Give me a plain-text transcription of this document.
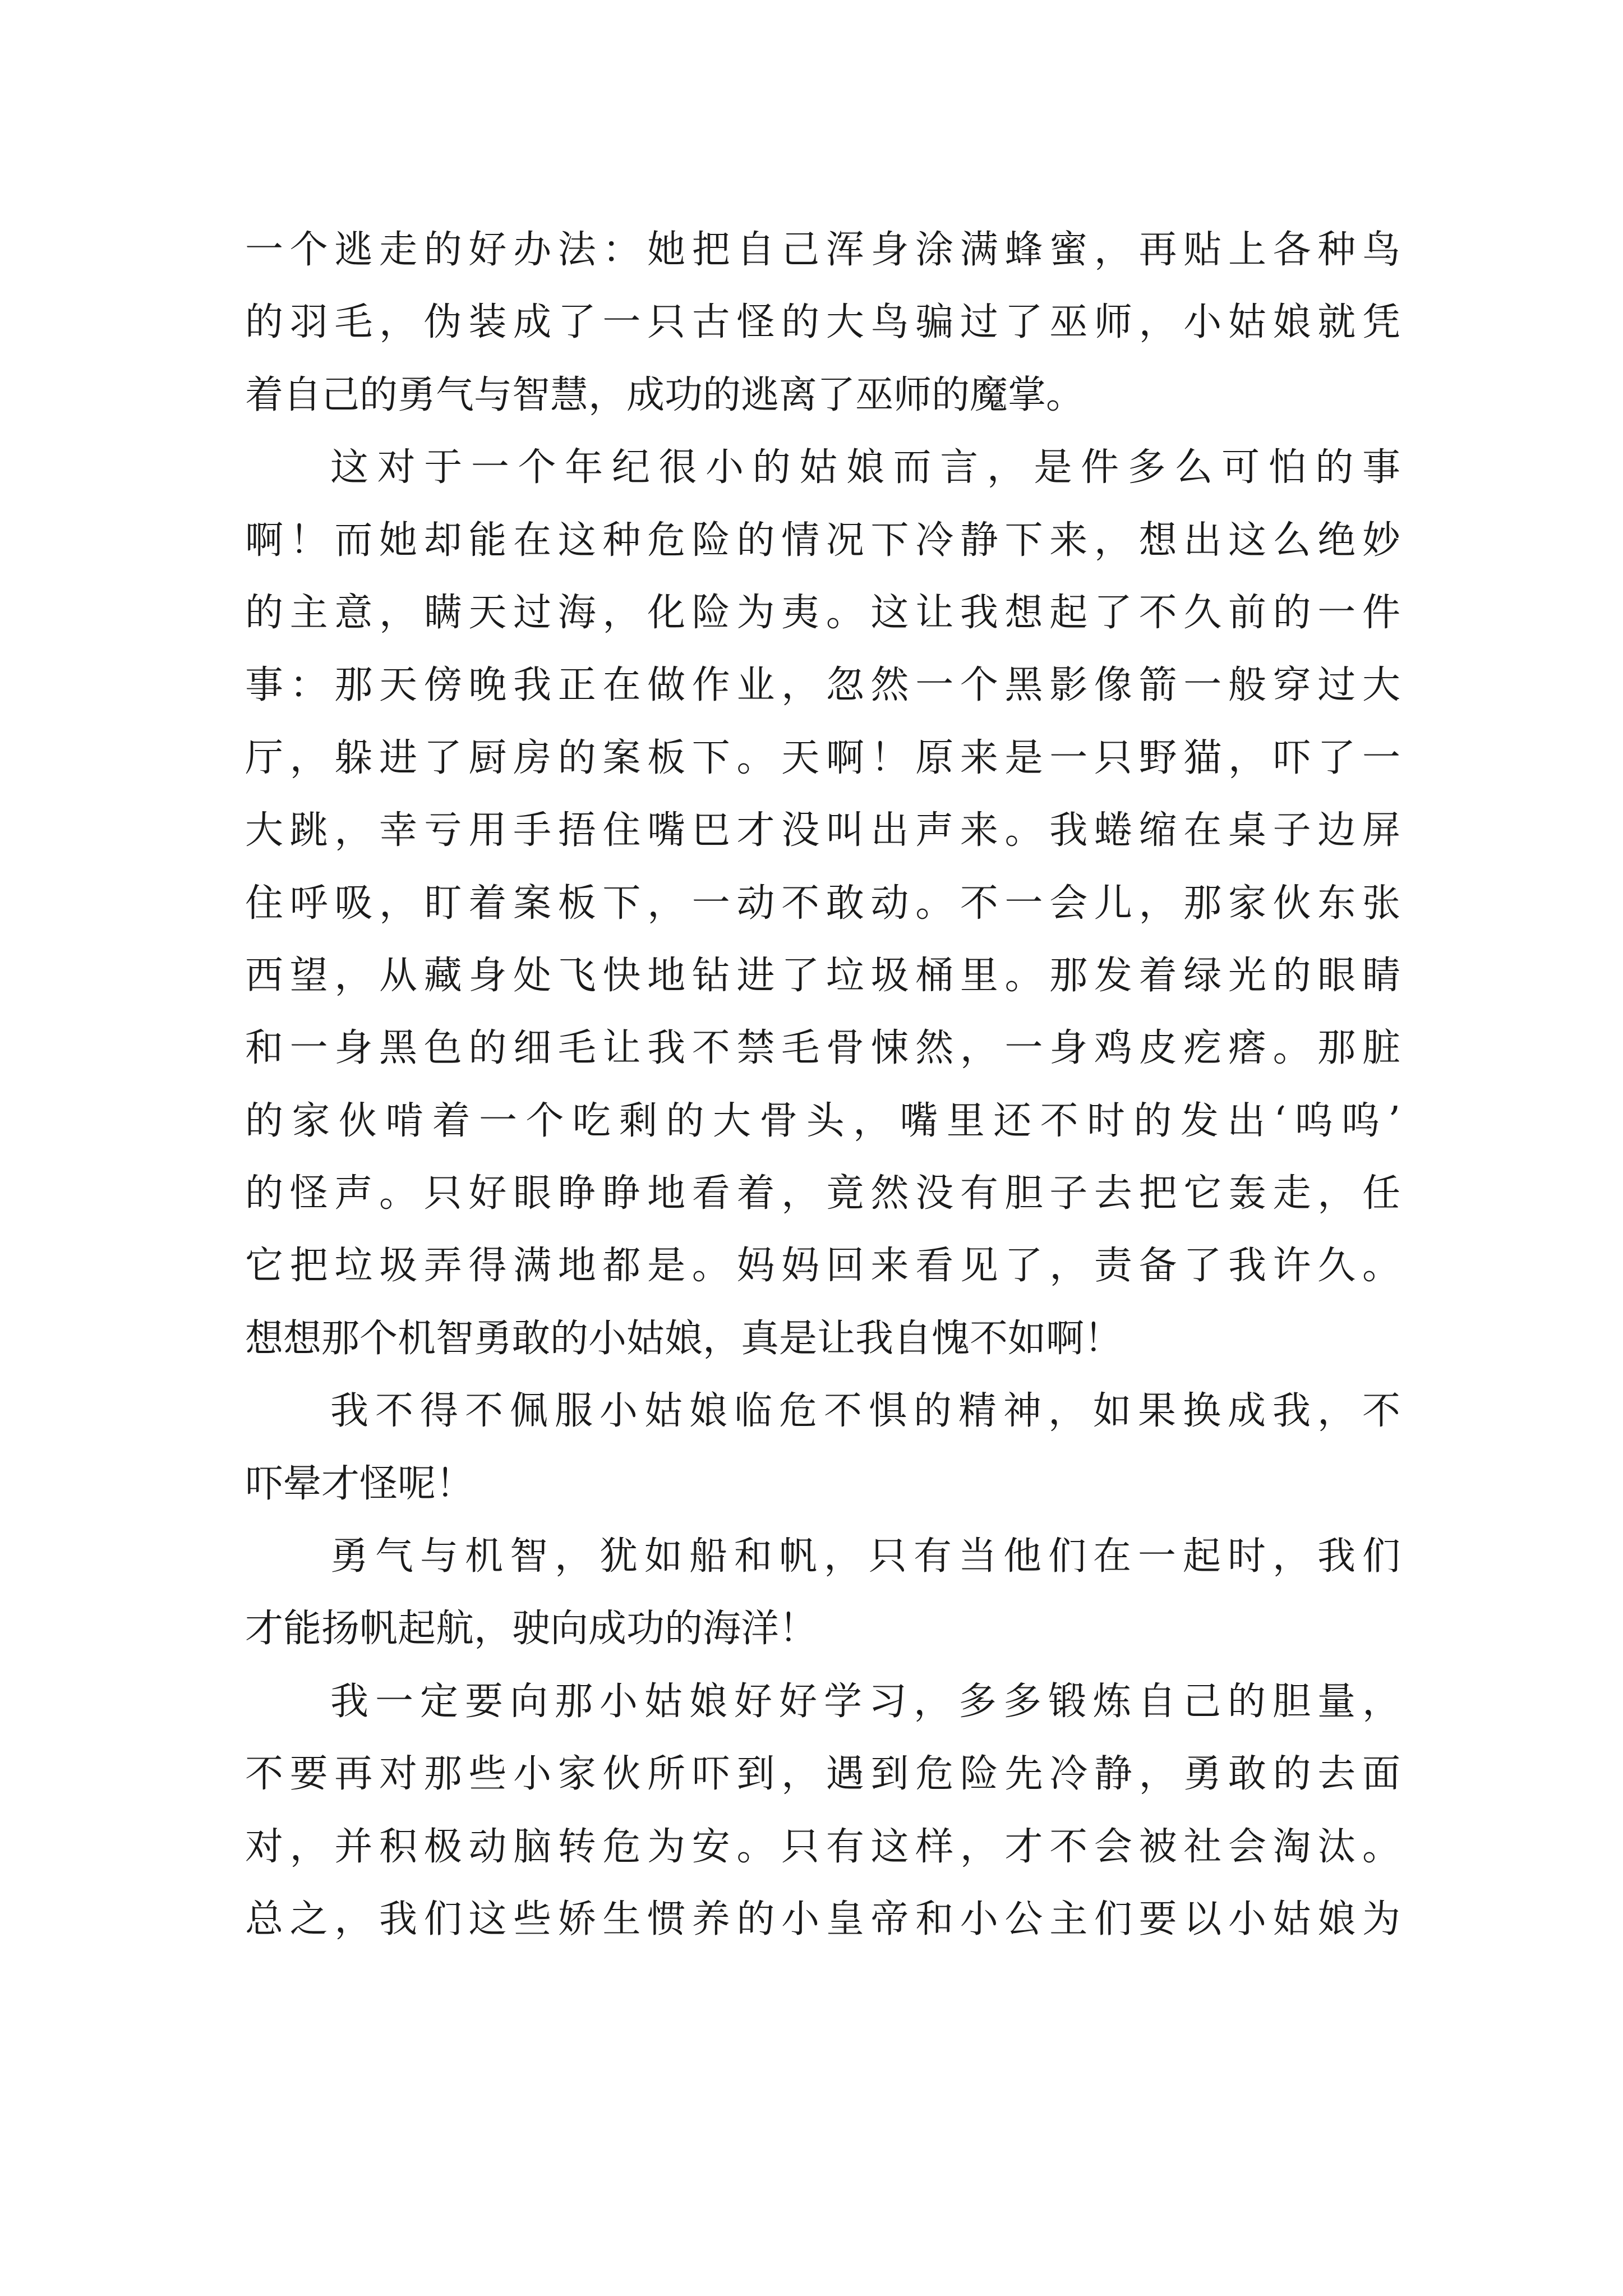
一个逃走的好办法：她把自己浑身涂满蜂蜜，再贴上各种鸟
的羽毛，伪装成了一只古怪的大鸟骗过了巫师，小姑娘就凭
着自己的勇气与智慧，成功的逃离了巫师的魔掌。
这对于一个年纪很小的姑娘而言，是件多么可怕的事
啊！而她却能在这种危险的情况下冷静下来，想出这么绝妙
的主意，瞒天过海，化险为夷。这让我想起了不久前的一件
事：那天傍晚我正在做作业，忽然一个黑影像箭一般穿过大
厅，躲进了厨房的案板下。天啊！原来是一只野猫，吓了一
大跳，幸亏用手捂住嘴巴才没叫出声来。我蜷缩在桌子边屏
住呼吸，盯着案板下，一动不敢动。不一会儿，那家伙东张
西望，从藏身处飞快地钻进了垃圾桶里。那发着绿光的眼睛
和一身黑色的细毛让我不禁毛骨悚然，一身鸡皮疙瘩。那脏
的家伙啃着一个吃剩的大骨头，嘴里还不时的发出‘呜呜’
的怪声。只好眼睁睁地看着，竟然没有胆子去把它轰走，任
它把垃圾弄得满地都是。妈妈回来看见了，责备了我许久。
想想那个机智勇敢的小姑娘，真是让我自愧不如啊！
我不得不佩服小姑娘临危不惧的精神，如果换成我，不
吓晕才怪呢！
勇气与机智，犹如船和帆，只有当他们在一起时，我们
才能扬帆起航，驶向成功的海洋！
我一定要向那小姑娘好好学习，多多锻炼自己的胆量，
不要再对那些小家伙所吓到，遇到危险先冷静，勇敢的去面
对，并积极动脑转危为安。只有这样，才不会被社会淘汰。
总之，我们这些娇生惯养的小皇帝和小公主们要以小姑娘为
